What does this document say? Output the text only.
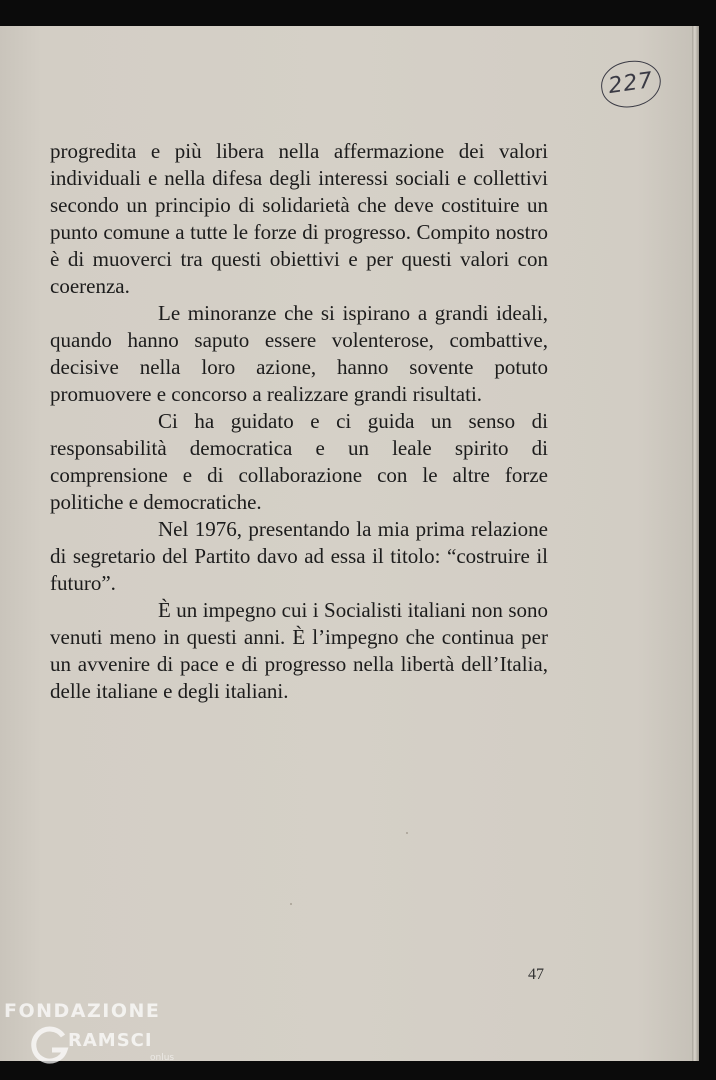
227

progredita e più libera nella affermazione dei valori individuali e nella difesa degli interessi sociali e collettivi secondo un principio di solidarietà che deve costituire un punto comune a tutte le forze di progresso. Compito nostro è di muoverci tra questi obiettivi e per questi valori con coerenza.

Le minoranze che si ispirano a grandi ideali, quando hanno saputo essere volenterose, combattive, decisive nella loro azione, hanno sovente potuto promuovere e concorso a realizzare grandi risultati.

Ci ha guidato e ci guida un senso di responsabilità democratica e un leale spirito di comprensione e di collaborazione con le altre forze politiche e democratiche.

Nel 1976, presentando la mia prima relazione di segretario del Partito davo ad essa il titolo: “costruire il futuro”.

È un impegno cui i Socialisti italiani non sono venuti meno in questi anni. È l’impegno che continua per un avvenire di pace e di progresso nella libertà dell’Italia, delle italiane e degli italiani.

47
FONDAZIONE
RAMSCI
onlus
